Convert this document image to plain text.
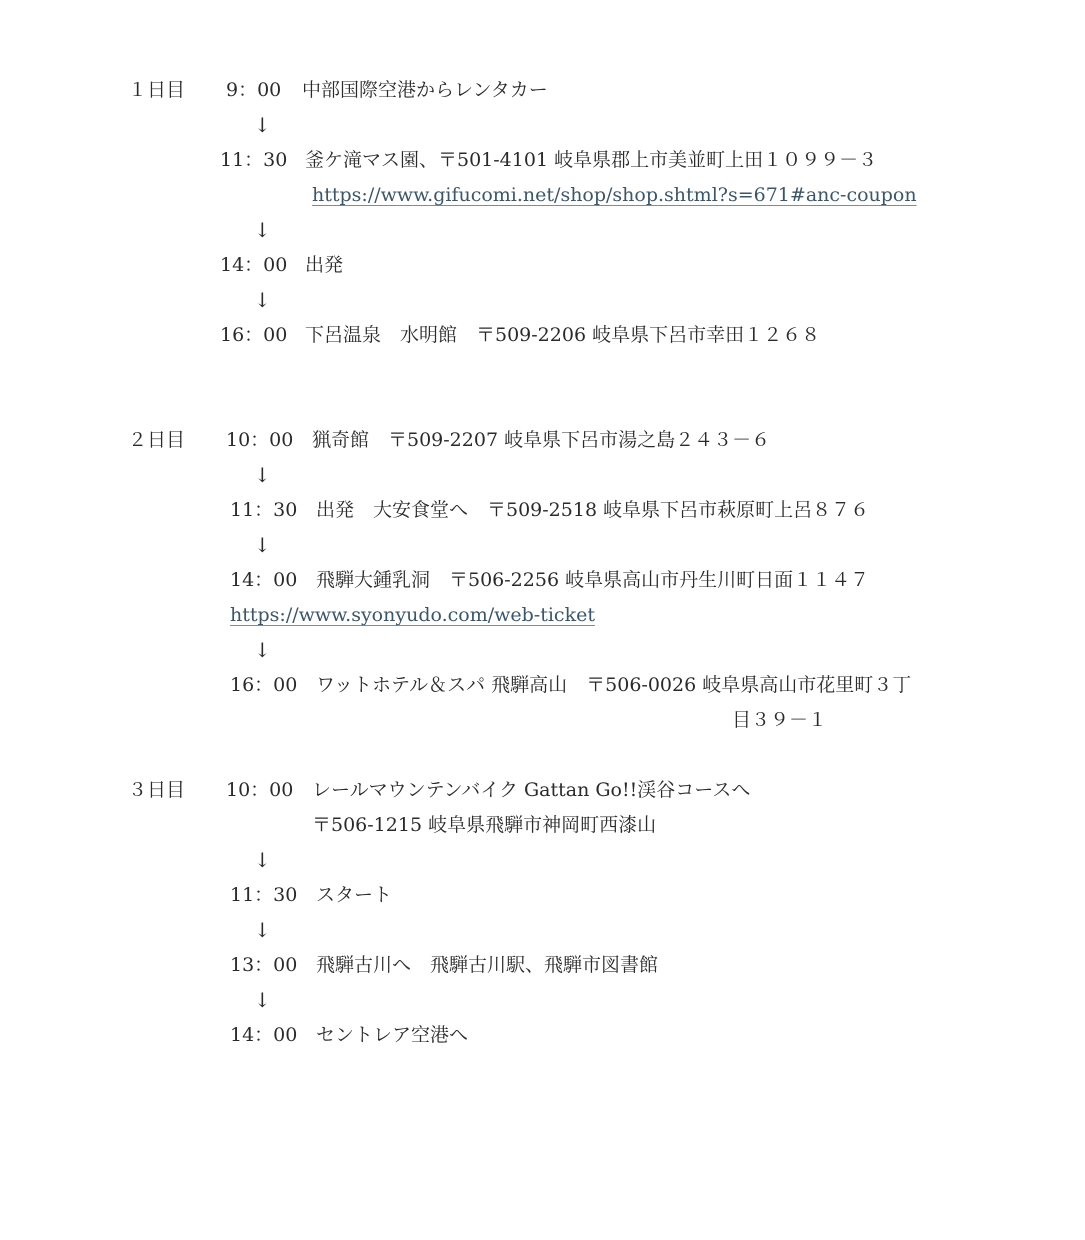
１日目 9：00 中部国際空港からレンタカー
↓
11：30 釜ケ滝マス園、〒501-4101 岐阜県郡上市美並町上田１０９９－３
https://www.gifucomi.net/shop/shop.shtml?s=671#anc-coupon
↓
14：00 出発
↓
16：00 下呂温泉　水明館　〒509-2206 岐阜県下呂市幸田１２６８
２日目 10：00 猟奇館　〒509-2207 岐阜県下呂市湯之島２４３－６
↓
11：30 出発　大安食堂へ　〒509-2518 岐阜県下呂市萩原町上呂８７６
↓
14：00 飛騨大鍾乳洞　〒506-2256 岐阜県高山市丹生川町日面１１４７
https://www.syonyudo.com/web-ticket
↓
16：00 ワットホテル＆スパ 飛騨高山　〒506-0026 岐阜県高山市花里町３丁
目３９－１
３日目 10：00 レールマウンテンバイク Gattan Go!!渓谷コースへ
〒506-1215 岐阜県飛騨市神岡町西漆山
↓
11：30 スタート
↓
13：00 飛騨古川へ　飛騨古川駅、飛騨市図書館
↓
14：00 セントレア空港へ
